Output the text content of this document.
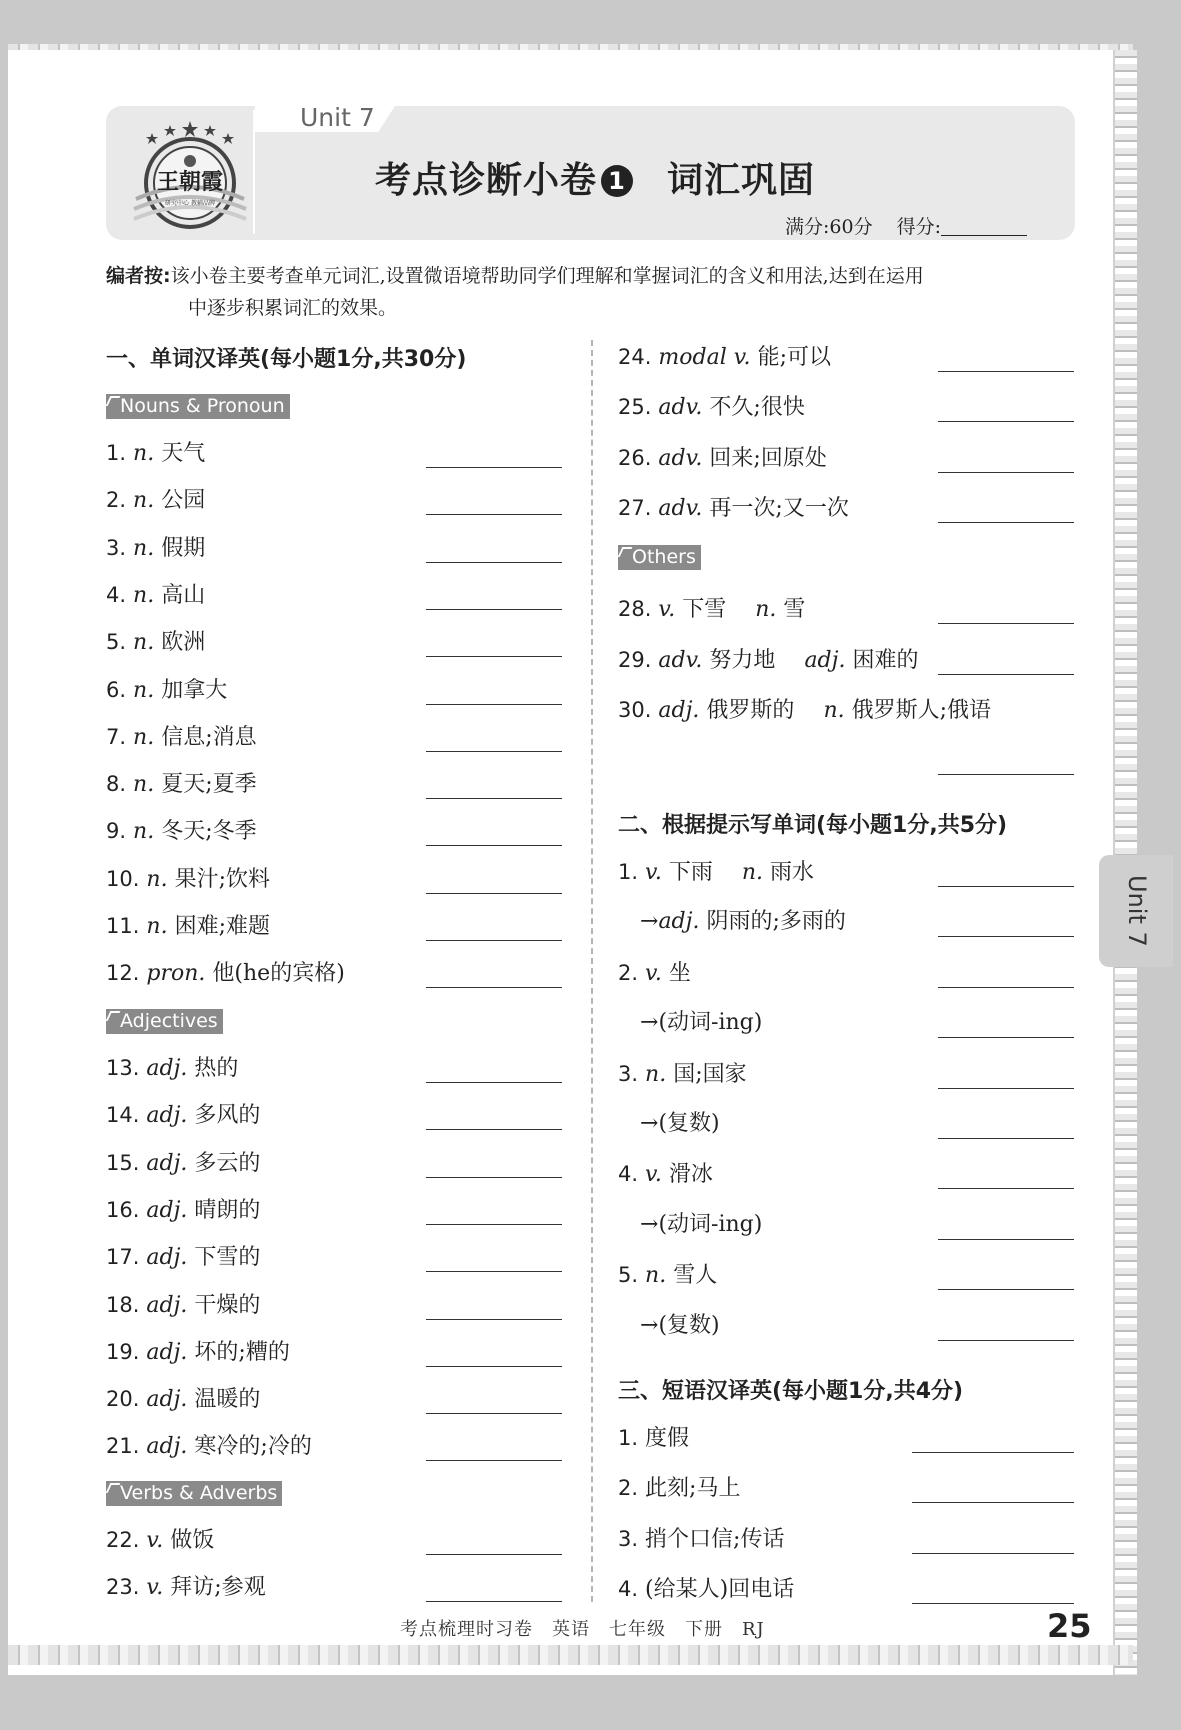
Unit 7
王朝霞
研究中心 教辅品牌
考点诊断小卷 1 词汇巩固
满分:60分 得分:
编者按:该小卷主要考查单元词汇,设置微语境帮助同学们理解和掌握词汇的含义和用法,达到在运用
中逐步积累词汇的效果。
一、单词汉译英(每小题1分,共30分)
考点梳理时习卷　英语　七年级　下册　RJ	25
Unit 7
Nouns & Pronoun
Adjectives
Verbs & Adverbs
1. n. 天气
2. n. 公园
3. n. 假期
4. n. 高山
5. n. 欧洲
6. n. 加拿大
7. n. 信息;消息
8. n. 夏天;夏季
9. n. 冬天;冬季
10. n. 果汁;饮料
11. n. 困难;难题
12. pron. 他(he的宾格)
13. adj. 热的
14. adj. 多风的
15. adj. 多云的
16. adj. 晴朗的
17. adj. 下雪的
18. adj. 干燥的
19. adj. 坏的;糟的
20. adj. 温暖的
21. adj. 寒冷的;冷的
22. v. 做饭
23. v. 拜访;参观
24. modal v. 能;可以
25. adv. 不久;很快
26. adv. 回来;回原处
27. adv. 再一次;又一次
Others
28. v. 下雪　 n. 雪
29. adv. 努力地　 adj. 困难的
30. adj. 俄罗斯的　 n. 俄罗斯人;俄语
二、根据提示写单词(每小题1分,共5分)
1. v. 下雨　 n. 雨水
→adj. 阴雨的;多雨的
2. v. 坐
→(动词-ing)
3. n. 国;国家
→(复数)
4. v. 滑冰
→(动词-ing)
5. n. 雪人
→(复数)
三、短语汉译英(每小题1分,共4分)
1. 度假
2. 此刻;马上
3. 捎个口信;传话
4. (给某人)回电话
